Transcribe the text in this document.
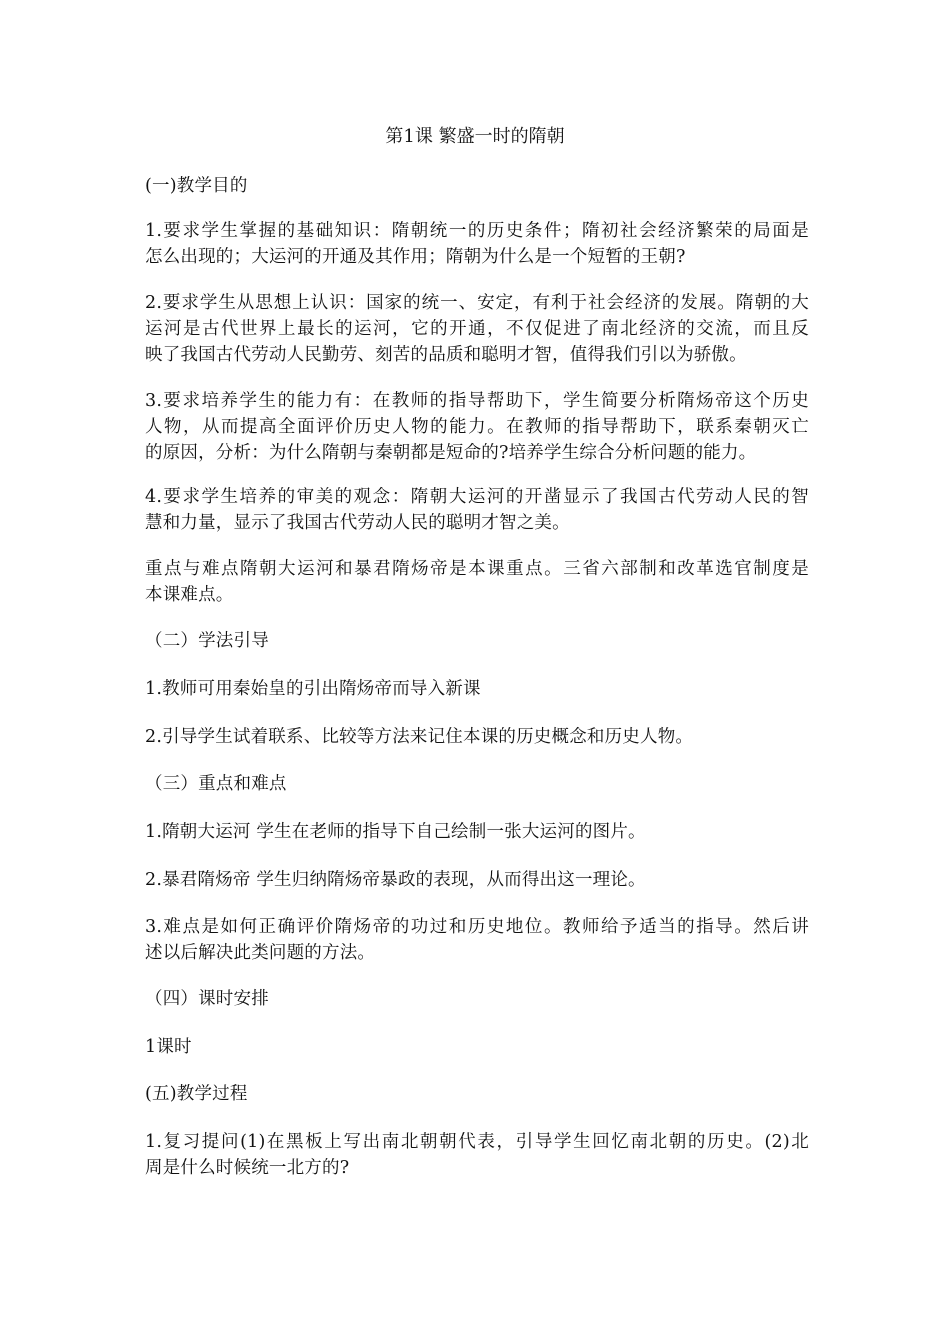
第1课 繁盛一时的隋朝

(一)教学目的

1.要求学生掌握的基础知识：隋朝统一的历史条件；隋初社会经济繁荣的局面是
怎么出现的；大运河的开通及其作用；隋朝为什么是一个短暂的王朝?
2.要求学生从思想上认识：国家的统一、安定，有利于社会经济的发展。隋朝的大
运河是古代世界上最长的运河，它的开通，不仅促进了南北经济的交流，而且反
映了我国古代劳动人民勤劳、刻苦的品质和聪明才智，值得我们引以为骄傲。
3.要求培养学生的能力有：在教师的指导帮助下，学生简要分析隋炀帝这个历史
人物，从而提高全面评价历史人物的能力。在教师的指导帮助下，联系秦朝灭亡
的原因，分析：为什么隋朝与秦朝都是短命的?培养学生综合分析问题的能力。
4.要求学生培养的审美的观念：隋朝大运河的开凿显示了我国古代劳动人民的智
慧和力量，显示了我国古代劳动人民的聪明才智之美。
重点与难点隋朝大运河和暴君隋炀帝是本课重点。三省六部制和改革选官制度是
本课难点。

（二）学法引导

1.教师可用秦始皇的引出隋炀帝而导入新课

2.引导学生试着联系、比较等方法来记住本课的历史概念和历史人物。

（三）重点和难点

1.隋朝大运河 学生在老师的指导下自己绘制一张大运河的图片。

2.暴君隋炀帝 学生归纳隋炀帝暴政的表现，从而得出这一理论。

3.难点是如何正确评价隋炀帝的功过和历史地位。教师给予适当的指导。然后讲
述以后解决此类问题的方法。

（四）课时安排

1课时

(五)教学过程

1.复习提问(1)在黑板上写出南北朝朝代表，引导学生回忆南北朝的历史。(2)北
周是什么时候统一北方的?
